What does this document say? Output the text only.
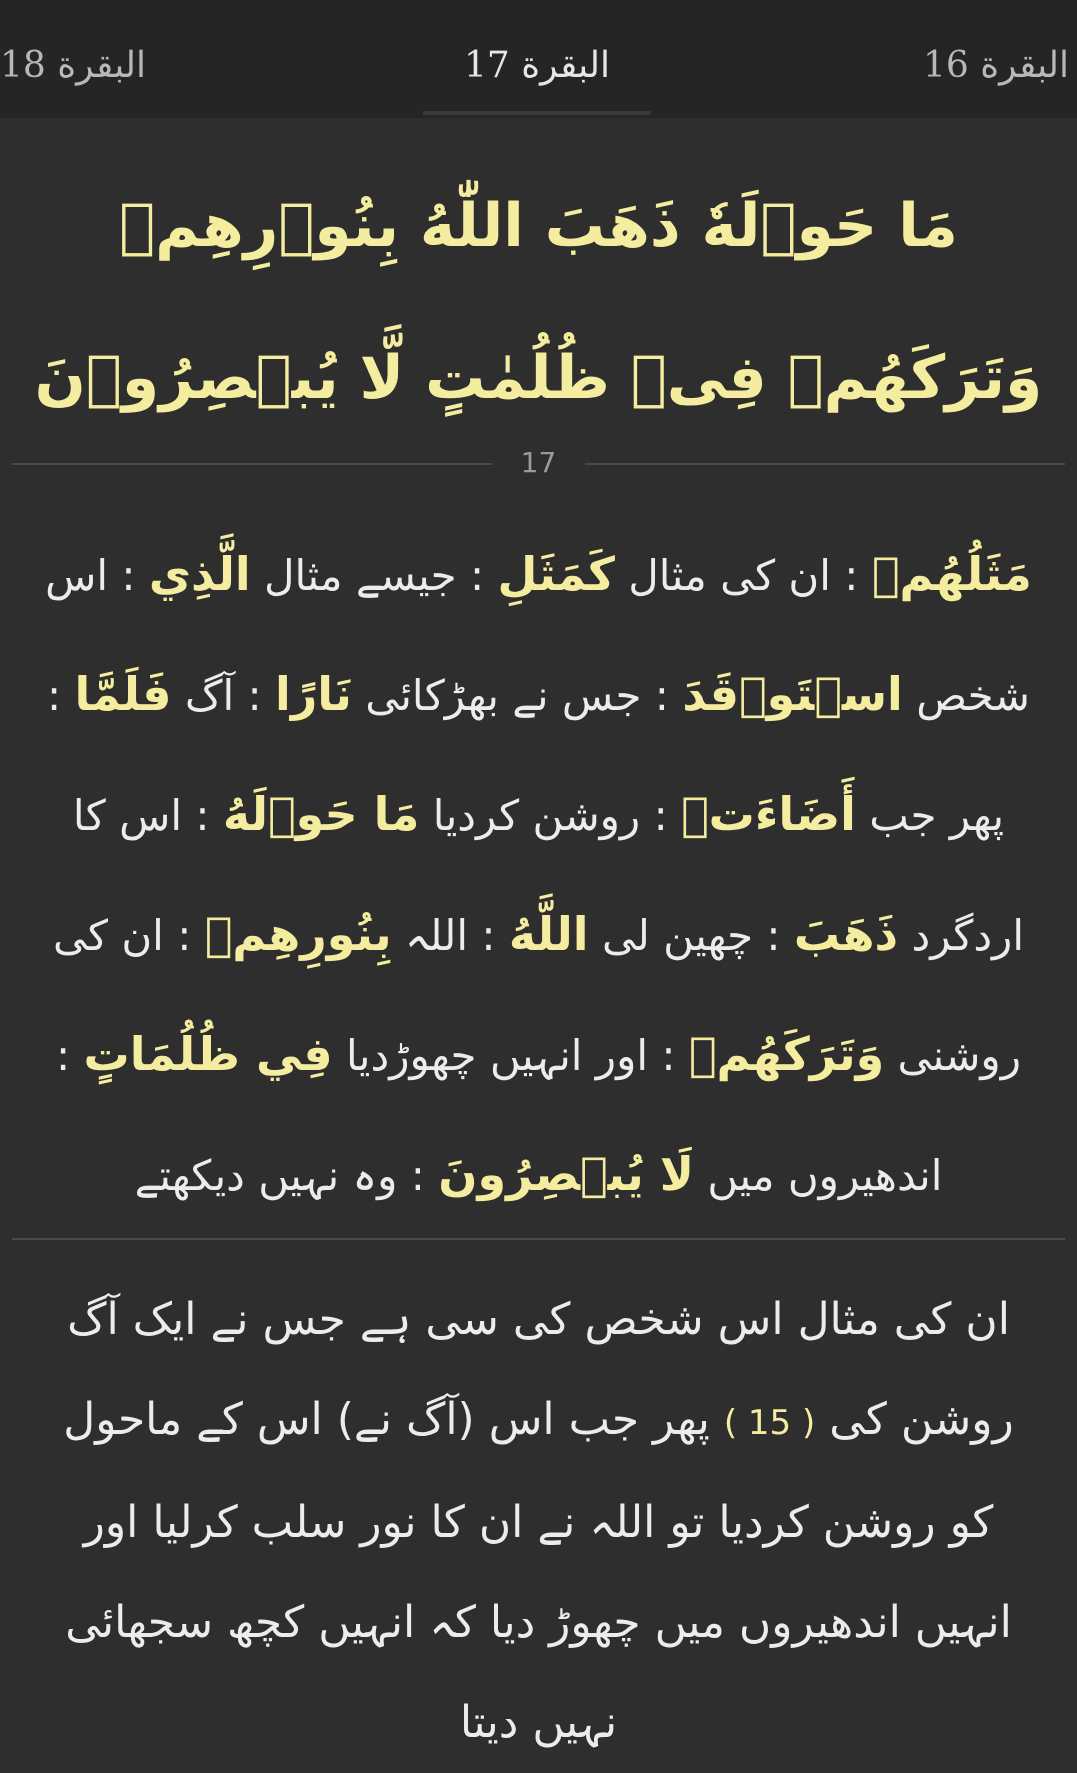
البقرة 18	البقرة 17	البقرة 16
مَا حَوۡلَهٗ ذَهَبَ اللّٰهُ بِنُوۡرِهِمۡ وَتَرَكَهُمۡ فِىۡ ظُلُمٰتٍ لَّا يُبۡصِرُوۡنَ
17
مَثَلُهُمۡ : ان کی مثال كَمَثَلِ : جیسے مثال الَّذِي : اس شخص اسۡتَوۡقَدَ : جس نے بھڑکائی نَارًا : آگ فَلَمَّا : پھر جب أَضَاءَتۡ : روشن کردیا مَا حَوۡلَهُ : اس کا اردگرد ذَهَبَ : چھین لی اللَّهُ : اللہ بِنُورِهِمۡ : ان کی روشنی وَتَرَكَهُمۡ : اور انہیں چھوڑدیا فِي ظُلُمَاتٍ : اندھیروں میں لَا يُبۡصِرُونَ : وہ نہیں دیکھتے
ان کی مثال اس شخص کی سی ہے جس نے ایک آگ روشن کی ( 15 ) پھر جب اس (آگ نے) اس کے ماحول کو روشن کردیا تو اللہ نے ان کا نور سلب کرلیا اور انہیں اندھیروں میں چھوڑ دیا کہ انہیں کچھ سجھائی نہیں دیتا
